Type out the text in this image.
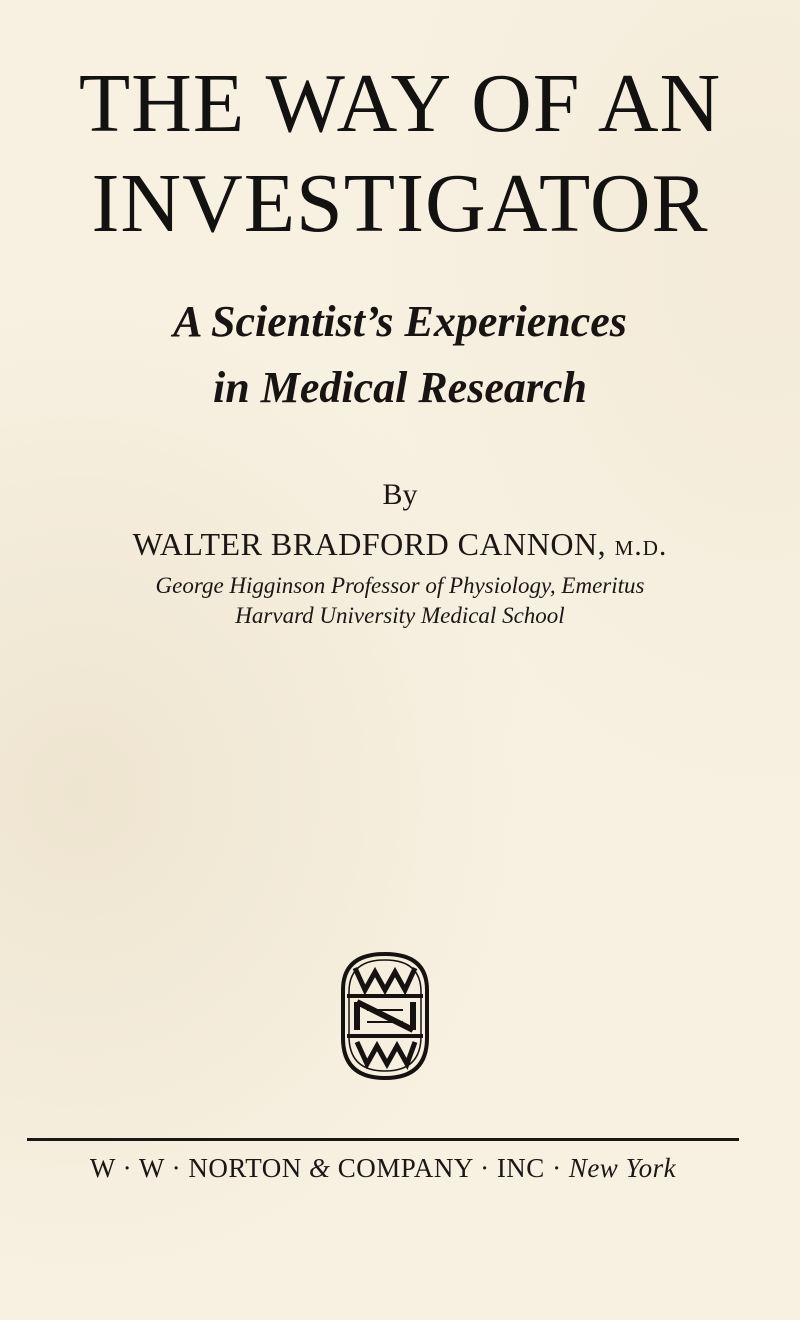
THE WAY OF AN
INVESTIGATOR
A Scientist’s Experiences
in Medical Research
By
WALTER BRADFORD CANNON, m.d.
George Higginson Professor of Physiology, Emeritus
Harvard University Medical School
W · W · NORTON & COMPANY · INC · New York
